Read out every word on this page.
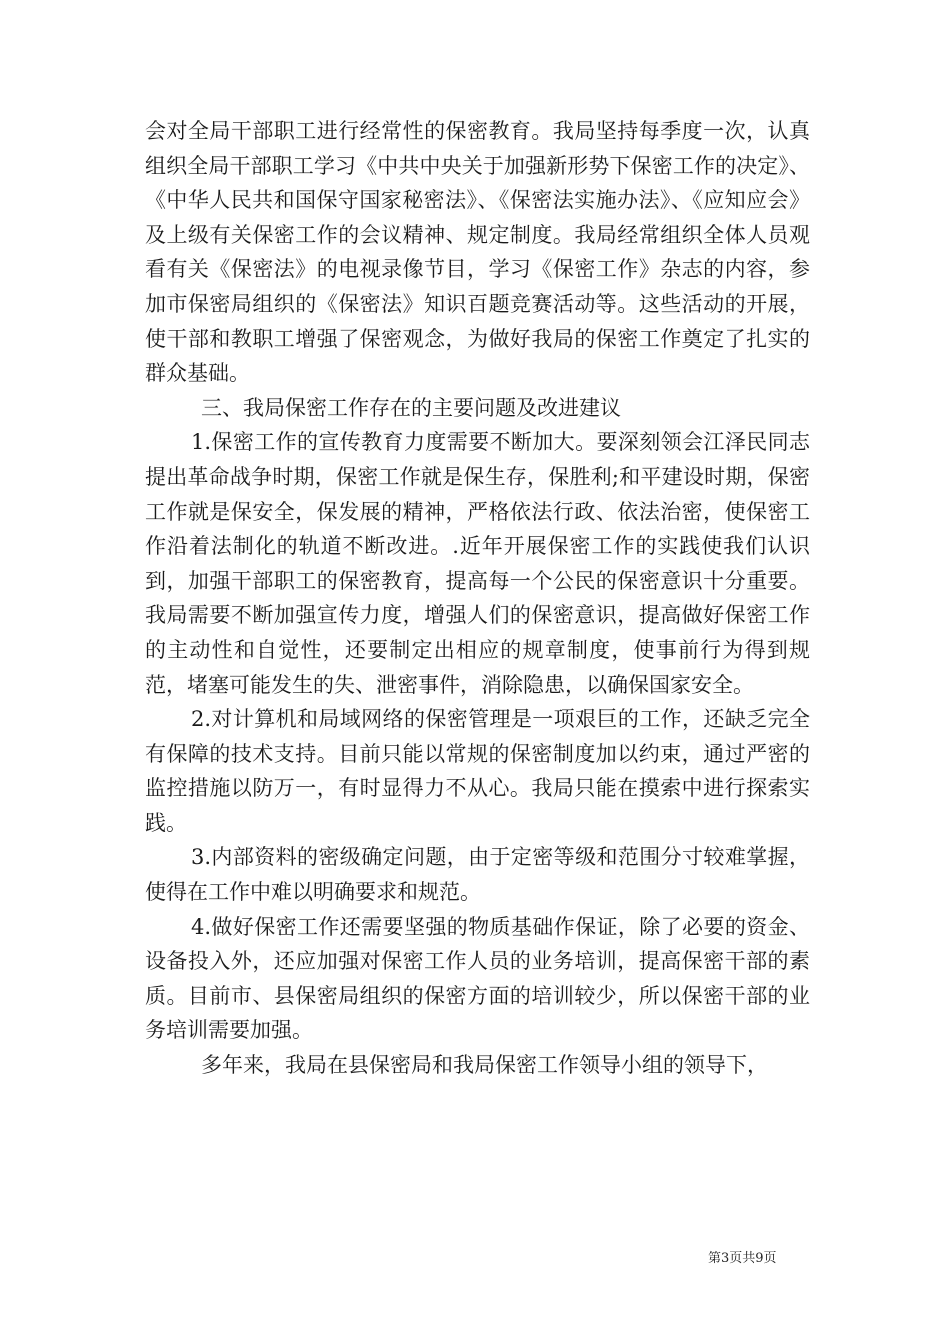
会对全局干部职工进行经常性的保密教育。我局坚持每季度一次，认真组织全局干部职工学习《中共中央关于加强新形势下保密工作的决定》、《中华人民共和国保守国家秘密法》、《保密法实施办法》、《应知应会》及上级有关保密工作的会议精神、规定制度。我局经常组织全体人员观看有关《保密法》的电视录像节目，学习《保密工作》杂志的内容，参加市保密局组织的《保密法》知识百题竞赛活动等。这些活动的开展，使干部和教职工增强了保密观念，为做好我局的保密工作奠定了扎实的群众基础。

三、我局保密工作存在的主要问题及改进建议

1.保密工作的宣传教育力度需要不断加大。要深刻领会江泽民同志提出革命战争时期，保密工作就是保生存，保胜利;和平建设时期，保密工作就是保安全，保发展的精神，严格依法行政、依法治密，使保密工作沿着法制化的轨道不断改进。.近年开展保密工作的实践使我们认识到，加强干部职工的保密教育，提高每一个公民的保密意识十分重要。我局需要不断加强宣传力度，增强人们的保密意识，提高做好保密工作的主动性和自觉性，还要制定出相应的规章制度，使事前行为得到规范，堵塞可能发生的失、泄密事件，消除隐患，以确保国家安全。

2.对计算机和局域网络的保密管理是一项艰巨的工作，还缺乏完全有保障的技术支持。目前只能以常规的保密制度加以约束，通过严密的监控措施以防万一，有时显得力不从心。我局只能在摸索中进行探索实践。

3.内部资料的密级确定问题，由于定密等级和范围分寸较难掌握，使得在工作中难以明确要求和规范。

4.做好保密工作还需要坚强的物质基础作保证，除了必要的资金、设备投入外，还应加强对保密工作人员的业务培训，提高保密干部的素质。目前市、县保密局组织的保密方面的培训较少，所以保密干部的业务培训需要加强。

多年来，我局在县保密局和我局保密工作领导小组的领导下，

第3页共9页
